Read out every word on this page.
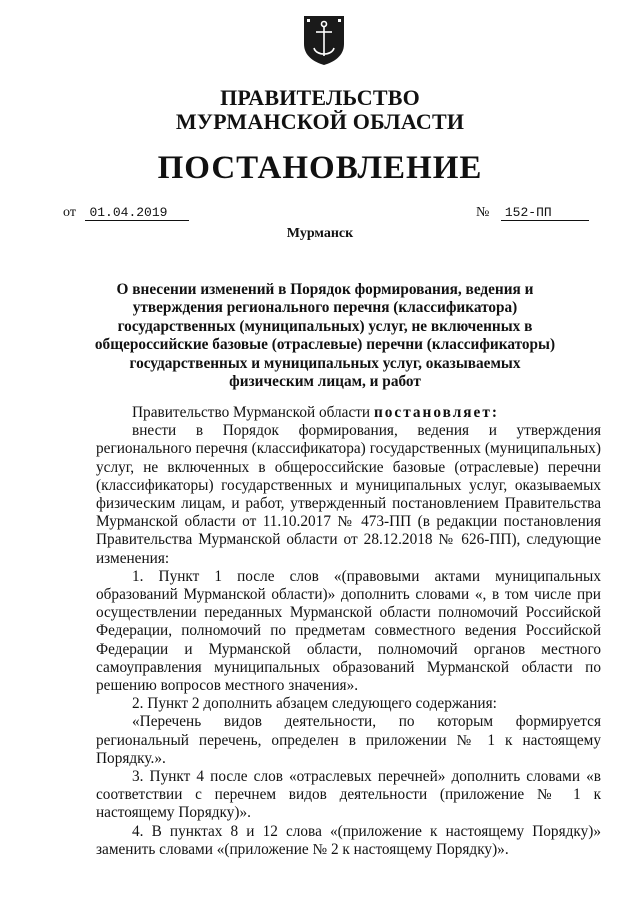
ПРАВИТЕЛЬСТВО
МУРМАНСКОЙ ОБЛАСТИ
ПОСТАНОВЛЕНИЕ
от 01.04.2019	№ 152-ПП
Мурманск
О внесении изменений в Порядок формирования, ведения и утверждения регионального перечня (классификатора) государственных (муниципальных) услуг, не включенных в общероссийские базовые (отраслевые) перечни (классификаторы) государственных и муниципальных услуг, оказываемых физическим лицам, и работ

Правительство Мурманской области постановляет:

внести в Порядок формирования, ведения и утверждения регионального перечня (классификатора) государственных (муниципальных) услуг, не включенных в общероссийские базовые (отраслевые) перечни (классификаторы) государственных и муниципальных услуг, оказываемых физическим лицам, и работ, утвержденный постановлением Правительства Мурманской области от 11.10.2017 № 473-ПП (в редакции постановления Правительства Мурманской области от 28.12.2018 № 626-ПП), следующие изменения:

1. Пункт 1 после слов «(правовыми актами муниципальных образований Мурманской области)» дополнить словами «, в том числе при осуществлении переданных Мурманской области полномочий Российской Федерации, полномочий по предметам совместного ведения Российской Федерации и Мурманской области, полномочий органов местного самоуправления муниципальных образований Мурманской области по решению вопросов местного значения».

2. Пункт 2 дополнить абзацем следующего содержания:

«Перечень видов деятельности, по которым формируется региональный перечень, определен в приложении № 1 к настоящему Порядку.».

3. Пункт 4 после слов «отраслевых перечней» дополнить словами «в соответствии с перечнем видов деятельности (приложение № 1 к настоящему Порядку)».

4. В пунктах 8 и 12 слова «(приложение к настоящему Порядку)» заменить словами «(приложение № 2 к настоящему Порядку)».
